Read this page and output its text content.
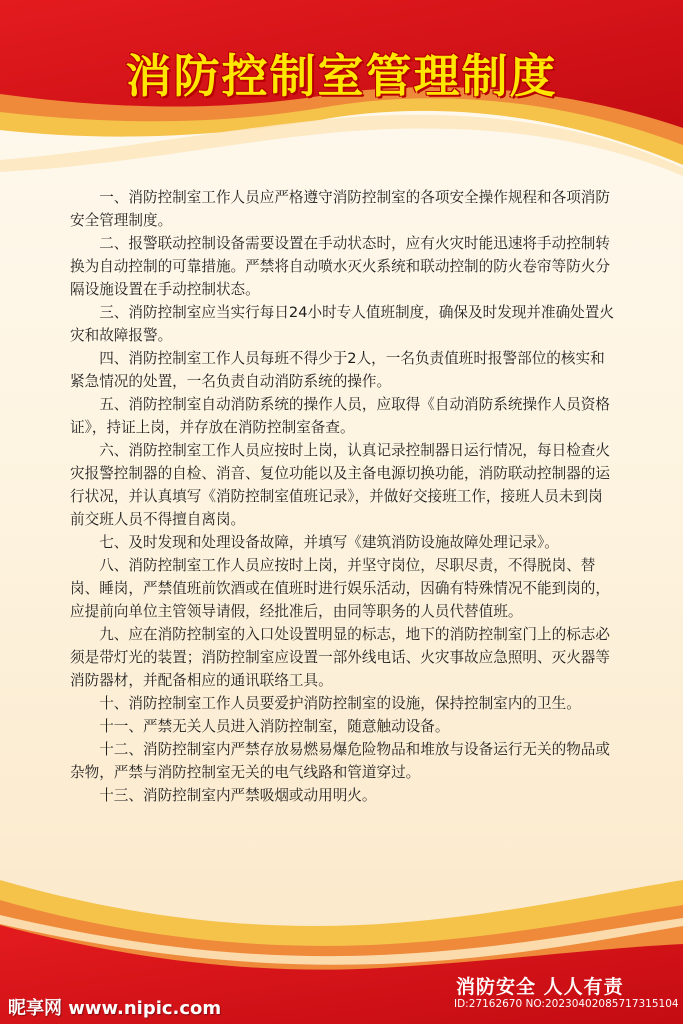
消防控制室管理制度

一、消防控制室工作人员应严格遵守消防控制室的各项安全操作规程和各项消防安全管理制度。

二、报警联动控制设备需要设置在手动状态时，应有火灾时能迅速将手动控制转换为自动控制的可靠措施。严禁将自动喷水灭火系统和联动控制的防火卷帘等防火分隔设施设置在手动控制状态。

三、消防控制室应当实行每日24小时专人值班制度，确保及时发现并准确处置火灾和故障报警。

四、消防控制室工作人员每班不得少于2人，一名负责值班时报警部位的核实和紧急情况的处置，一名负责自动消防系统的操作。

五、消防控制室自动消防系统的操作人员，应取得《自动消防系统操作人员资格证》，持证上岗，并存放在消防控制室备查。

六、消防控制室工作人员应按时上岗，认真记录控制器日运行情况，每日检查火灾报警控制器的自检、消音、复位功能以及主备电源切换功能，消防联动控制器的运行状况，并认真填写《消防控制室值班记录》，并做好交接班工作，接班人员未到岗前交班人员不得擅自离岗。

七、及时发现和处理设备故障，并填写《建筑消防设施故障处理记录》。

八、消防控制室工作人员应按时上岗，并坚守岗位，尽职尽责，不得脱岗、替岗、睡岗，严禁值班前饮酒或在值班时进行娱乐活动，因确有特殊情况不能到岗的，应提前向单位主管领导请假，经批准后，由同等职务的人员代替值班。

九、应在消防控制室的入口处设置明显的标志，地下的消防控制室门上的标志必须是带灯光的装置；消防控制室应设置一部外线电话、火灾事故应急照明、灭火器等消防器材，并配备相应的通讯联络工具。

十、消防控制室工作人员要爱护消防控制室的设施，保持控制室内的卫生。

十一、严禁无关人员进入消防控制室，随意触动设备。

十二、消防控制室内严禁存放易燃易爆危险物品和堆放与设备运行无关的物品或杂物，严禁与消防控制室无关的电气线路和管道穿过。

十三、消防控制室内严禁吸烟或动用明火。

消防安全 人人有责
ID:27162670 NO:20230402085717315104
昵享网 www.nipic.com
